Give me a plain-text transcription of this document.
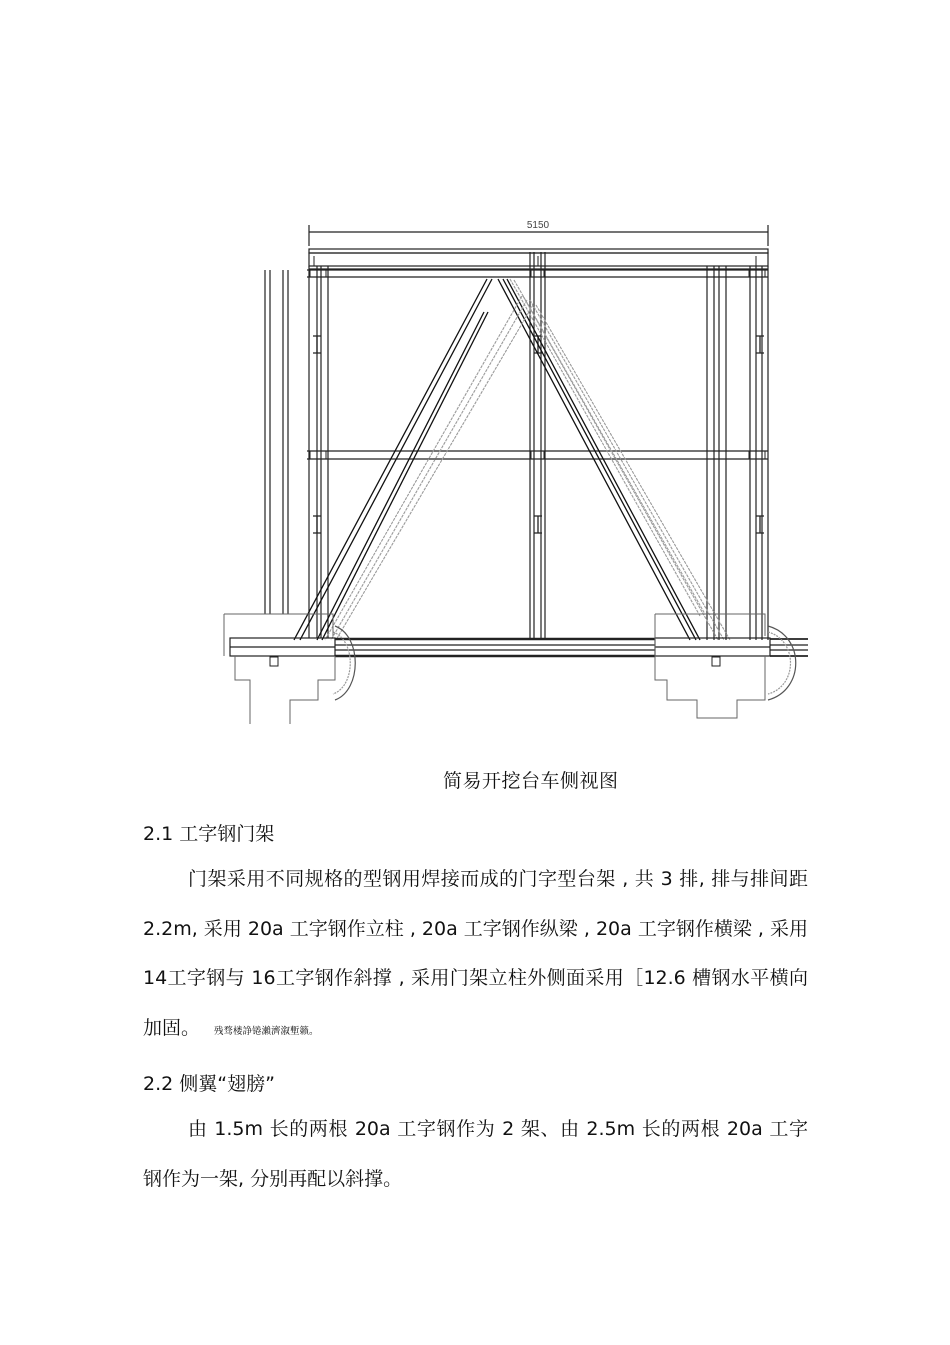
5150
简易开挖台车侧视图
2.1 工字钢门架

门架采用不同规格的型钢用焊接而成的门字型台架 , 共 3 排, 排与排间距 2.2m, 采用 20a 工字钢作立柱 , 20a 工字钢作纵梁 , 20a 工字钢作横梁 , 采用 14工字钢与 16工字钢作斜撑 , 采用门架立柱外侧面采用［12.6 槽钢水平横向加固。 残骛楼諍锩瀨濟溆塹籟。

2.2 侧翼“翅膀”

由 1.5m 长的两根 20a 工字钢作为 2 架、由 2.5m 长的两根 20a 工字钢作为一架, 分别再配以斜撑。
